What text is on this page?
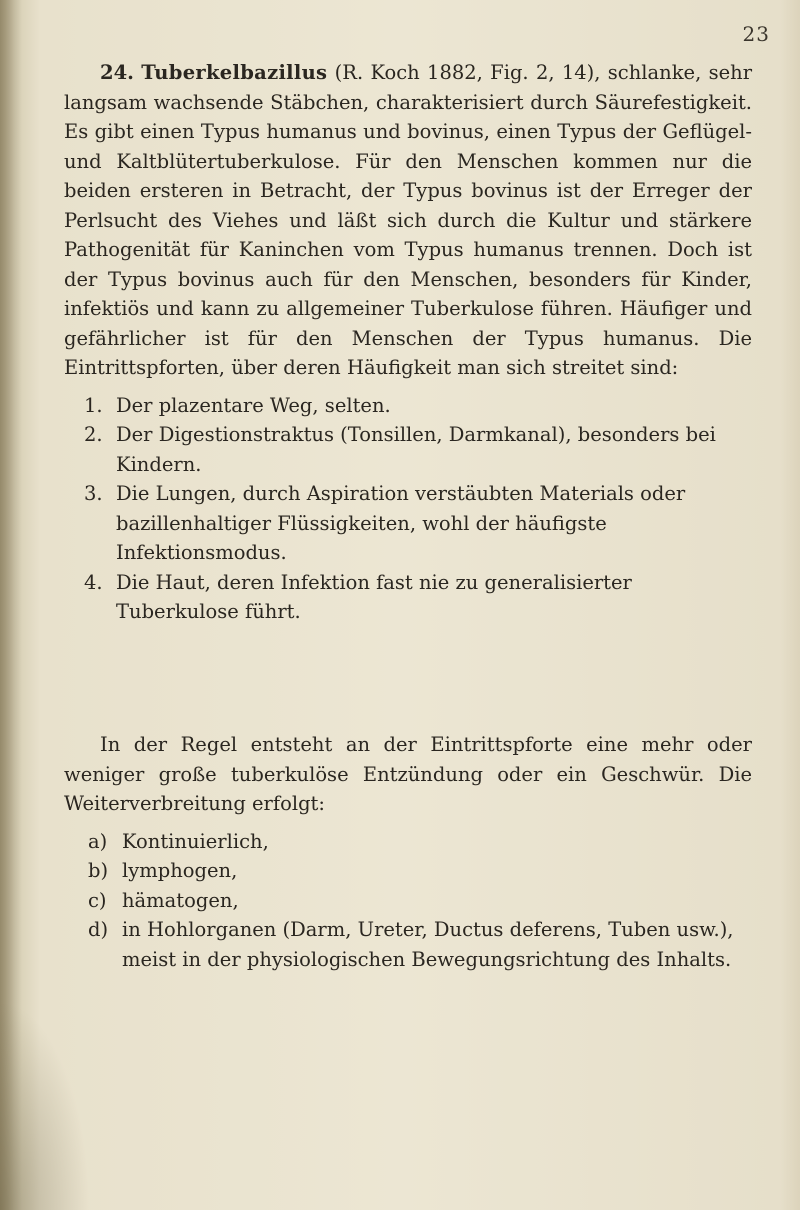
23

24. Tuberkelbazillus (R. Koch 1882, Fig. 2, 14), schlanke, sehr langsam wachsende Stäbchen, charakterisiert durch Säurefestigkeit. Es gibt einen Typus humanus und bovinus, einen Typus der Geflügel- und Kaltblütertuberkulose. Für den Menschen kommen nur die beiden ersteren in Betracht, der Typus bovinus ist der Erreger der Perlsucht des Viehes und läßt sich durch die Kultur und stärkere Pathogenität für Kaninchen vom Typus humanus trennen. Doch ist der Typus bovinus auch für den Menschen, besonders für Kinder, infektiös und kann zu allgemeiner Tuberkulose führen. Häufiger und gefährlicher ist für den Menschen der Typus humanus. Die Eintrittspforten, über deren Häufigkeit man sich streitet sind:

1. Der plazentare Weg, selten.
2. Der Digestionstraktus (Tonsillen, Darmkanal), besonders bei Kindern.
3. Die Lungen, durch Aspiration verstäubten Materials oder bazillenhaltiger Flüssigkeiten, wohl der häufigste Infektionsmodus.
4. Die Haut, deren Infektion fast nie zu generalisierter Tuberkulose führt.

In der Regel entsteht an der Eintrittspforte eine mehr oder weniger große tuberkulöse Entzündung oder ein Geschwür. Die Weiterverbreitung erfolgt:

a) Kontinuierlich,
b) lymphogen,
c) hämatogen,
d) in Hohlorganen (Darm, Ureter, Ductus deferens, Tuben usw.), meist in der physiologischen Bewegungsrichtung des Inhalts.
